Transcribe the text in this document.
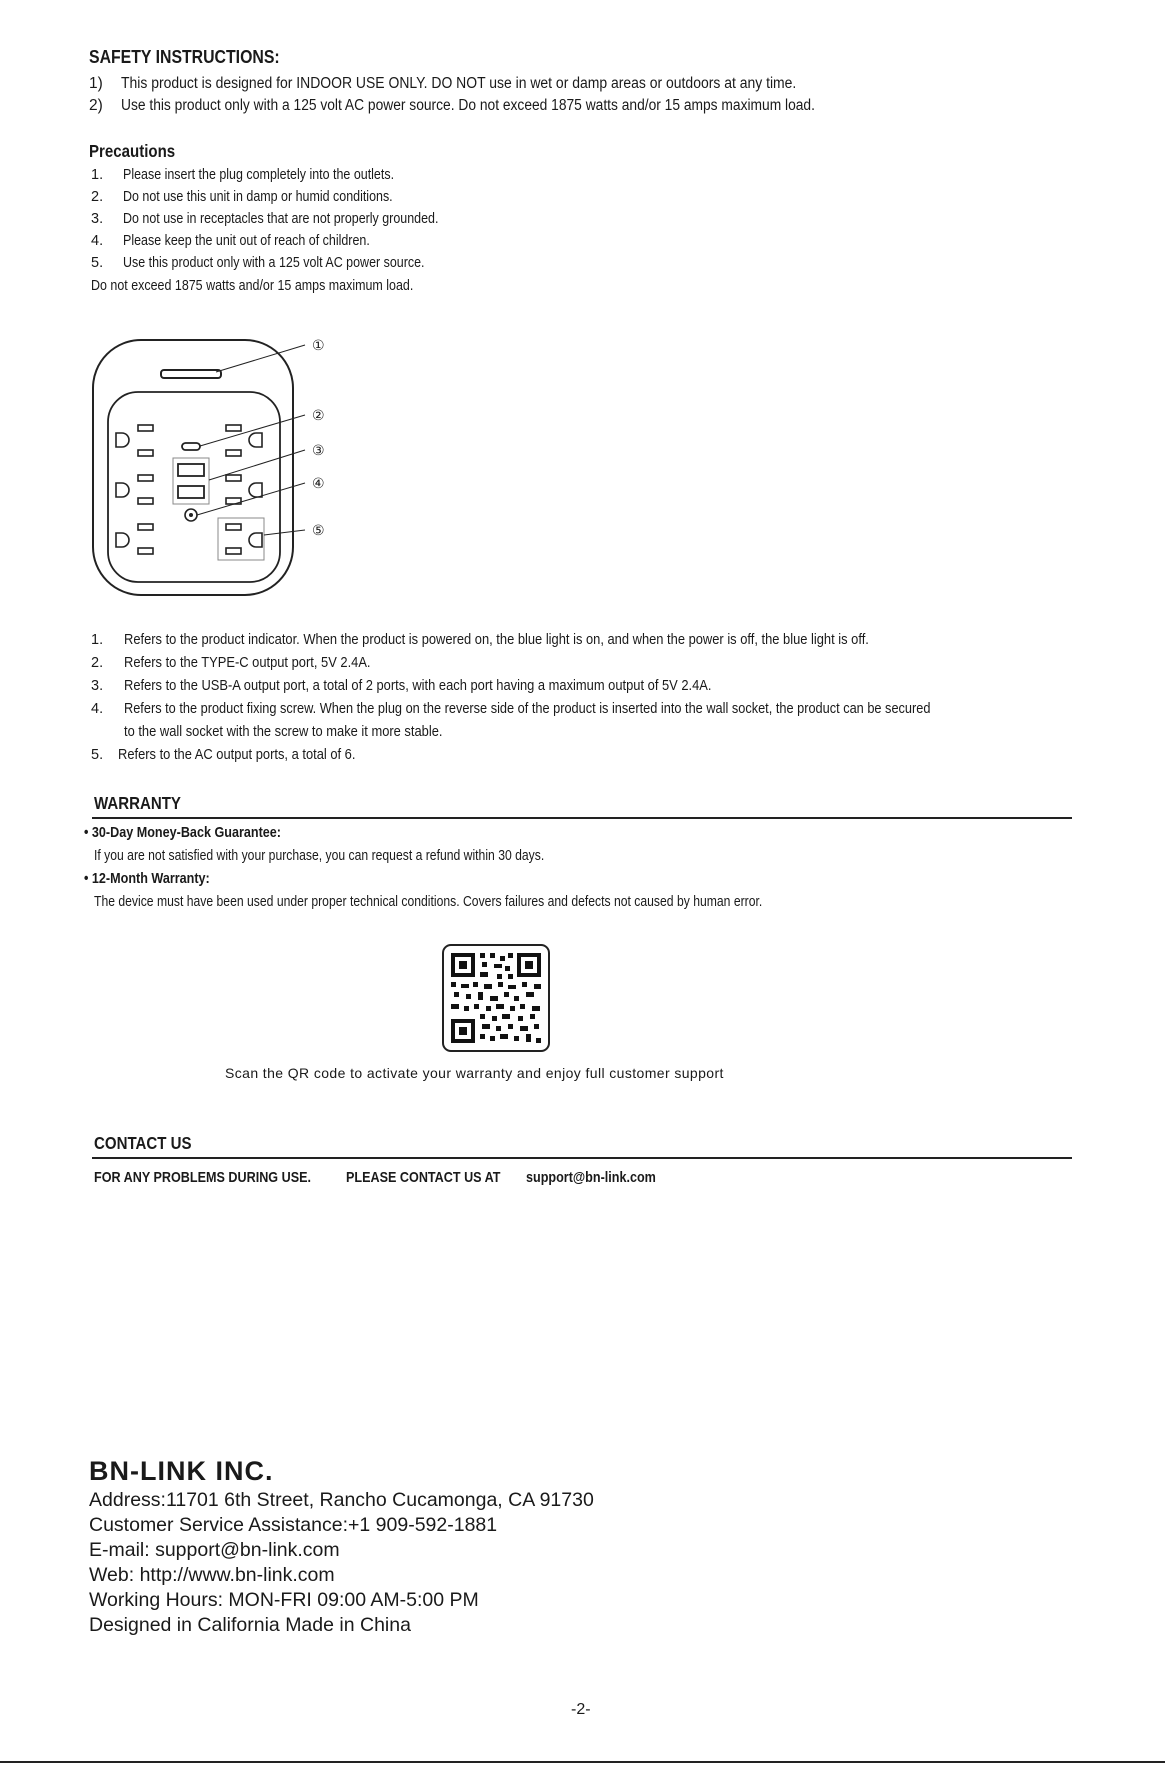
SAFETY INSTRUCTIONS:
1) This product is designed for INDOOR USE ONLY. DO NOT use in wet or damp areas or outdoors at any time.
2) Use this product only with a 125 volt AC power source. Do not exceed 1875 watts and/or 15 amps maximum load.
Precautions
1. Please insert the plug completely into the outlets.
2. Do not use this unit in damp or humid conditions.
3. Do not use in receptacles that are not properly grounded.
4. Please keep the unit out of reach of children.
5. Use this product only with a 125 volt AC power source.
Do not exceed 1875 watts and/or 15 amps maximum load.
①
②
③
④
⑤
1. Refers to the product indicator. When the product is powered on, the blue light is on, and when the power is off, the blue light is off.
2. Refers to the TYPE-C output port, 5V 2.4A.
3. Refers to the USB-A output port, a total of 2 ports, with each port having a maximum output of 5V 2.4A.
4. Refers to the product fixing screw. When the plug on the reverse side of the product is inserted into the wall socket, the product can be secured
to the wall socket with the screw to make it more stable.
5. Refers to the AC output ports, a total of 6.
WARRANTY
• 30-Day Money-Back Guarantee:
If you are not satisfied with your purchase, you can request a refund within 30 days.
• 12-Month Warranty:
The device must have been used under proper technical conditions. Covers failures and defects not caused by human error.
Scan the QR code to activate your warranty and enjoy full customer support
CONTACT US
FOR ANY PROBLEMS DURING USE. PLEASE CONTACT US AT support@bn-link.com
BN-LINK INC.
Address:11701 6th Street, Rancho Cucamonga, CA 91730
Customer Service Assistance:+1 909-592-1881
E-mail: support@bn-link.com
Web: http://www.bn-link.com
Working Hours: MON-FRI 09:00 AM-5:00 PM
Designed in California Made in China
-2-
